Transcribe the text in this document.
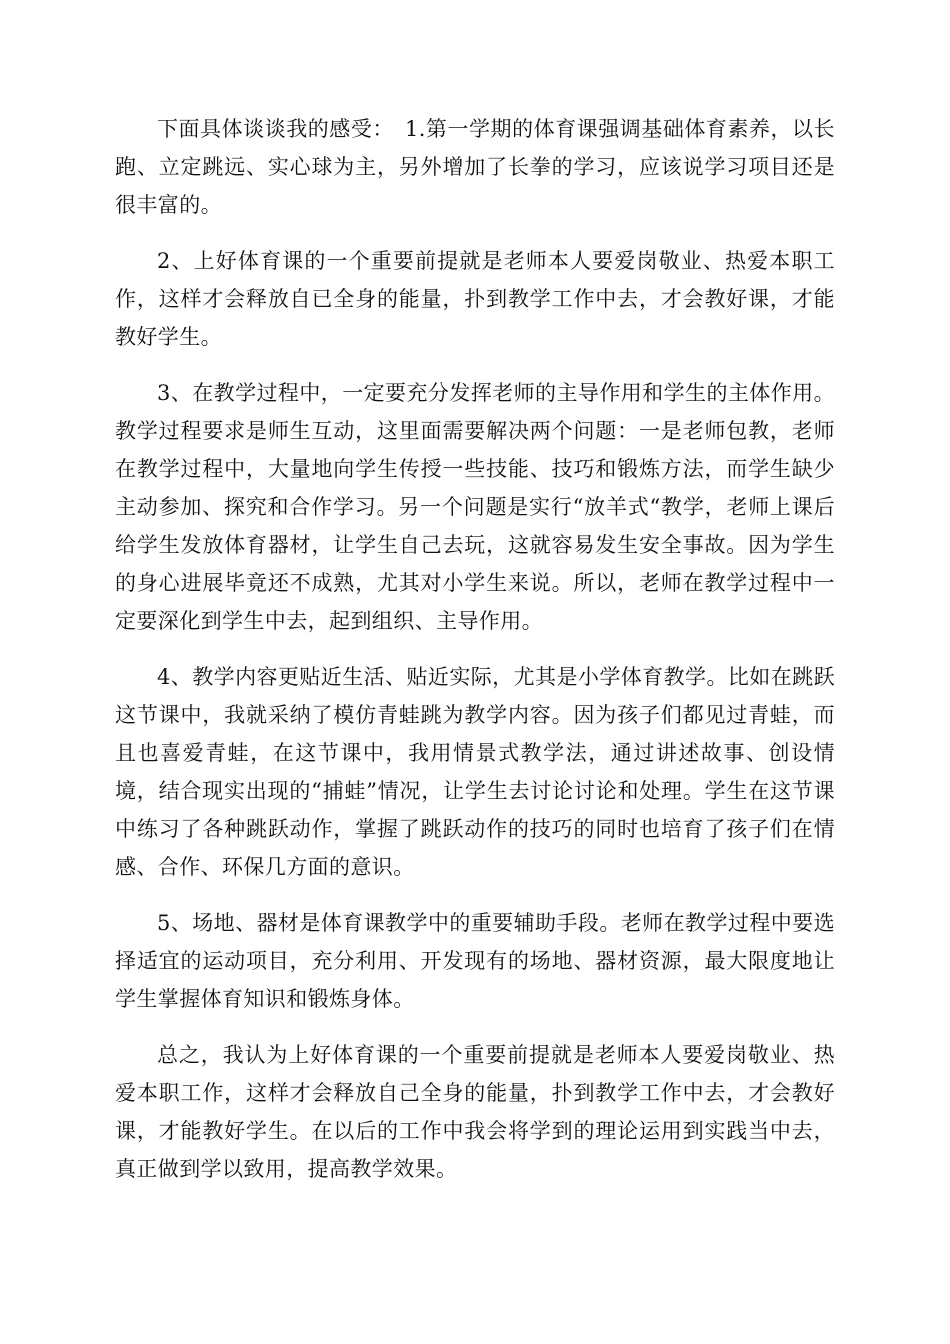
下面具体谈谈我的感受：　1.第一学期的体育课强调基础体育素养，以长跑、立定跳远、实心球为主，另外增加了长拳的学习，应该说学习项目还是很丰富的。

2、上好体育课的一个重要前提就是老师本人要爱岗敬业、热爱本职工作，这样才会释放自已全身的能量，扑到教学工作中去，才会教好课，才能教好学生。

3、在教学过程中，一定要充分发挥老师的主导作用和学生的主体作用。教学过程要求是师生互动，这里面需要解决两个问题：一是老师包教，老师在教学过程中，大量地向学生传授一些技能、技巧和锻炼方法，而学生缺少主动参加、探究和合作学习。另一个问题是实行“放羊式“教学，老师上课后给学生发放体育器材，让学生自己去玩，这就容易发生安全事故。因为学生的身心进展毕竟还不成熟，尤其对小学生来说。所以，老师在教学过程中一定要深化到学生中去，起到组织、主导作用。

4、教学内容更贴近生活、贴近实际，尤其是小学体育教学。比如在跳跃这节课中，我就采纳了模仿青蛙跳为教学内容。因为孩子们都见过青蛙，而且也喜爱青蛙，在这节课中，我用情景式教学法，通过讲述故事、创设情境，结合现实出现的“捕蛙”情况，让学生去讨论讨论和处理。学生在这节课中练习了各种跳跃动作，掌握了跳跃动作的技巧的同时也培育了孩子们在情感、合作、环保几方面的意识。

5、场地、器材是体育课教学中的重要辅助手段。老师在教学过程中要选择适宜的运动项目，充分利用、开发现有的场地、器材资源，最大限度地让学生掌握体育知识和锻炼身体。

总之，我认为上好体育课的一个重要前提就是老师本人要爱岗敬业、热爱本职工作，这样才会释放自己全身的能量，扑到教学工作中去，才会教好课，才能教好学生。在以后的工作中我会将学到的理论运用到实践当中去，真正做到学以致用，提高教学效果。
